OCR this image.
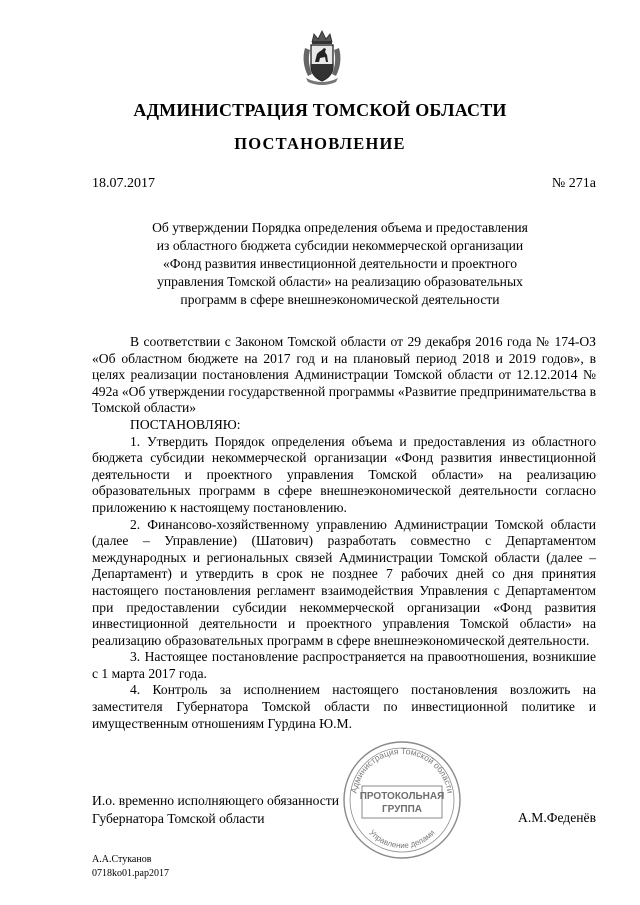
АДМИНИСТРАЦИЯ ТОМСКОЙ ОБЛАСТИ
ПОСТАНОВЛЕНИЕ
18.07.2017	№ 271а
Об утверждении Порядка определения объема и предоставления
из областного бюджета субсидии некоммерческой организации
«Фонд развития инвестиционной деятельности и проектного
управления Томской области» на реализацию образовательных
программ в сфере внешнеэкономической деятельности

В соответствии с Законом Томской области от 29 декабря 2016 года № 174-ОЗ «Об областном бюджете на 2017 год и на плановый период 2018 и 2019 годов», в целях реализации постановления Администрации Томской области от 12.12.2014 № 492а «Об утверждении государственной программы «Развитие предпринимательства в Томской области»

ПОСТАНОВЛЯЮ:

1. Утвердить Порядок определения объема и предоставления из областного бюджета субсидии некоммерческой организации «Фонд развития инвестиционной деятельности и проектного управления Томской области» на реализацию образовательных программ в сфере внешнеэкономической деятельности согласно приложению к настоящему постановлению.

2. Финансово-хозяйственному управлению Администрации Томской области (далее – Управление) (Шатович) разработать совместно с Департаментом международных и региональных связей Администрации Томской области (далее – Департамент) и утвердить в срок не позднее 7 рабочих дней со дня принятия настоящего постановления регламент взаимодействия Управления с Департаментом при предоставлении субсидии некоммерческой организации «Фонд развития инвестиционной деятельности и проектного управления Томской области» на реализацию образовательных программ в сфере внешнеэкономической деятельности.

3. Настоящее постановление распространяется на правоотношения, возникшие с 1 марта 2017 года.

4. Контроль за исполнением настоящего постановления возложить на заместителя Губернатора Томской области по инвестиционной политике и имущественным отношениям Гурдина Ю.М.

Администрация Томской области
Управление делами
ПРОТОКОЛЬНАЯ
ГРУППА
И.о. временно исполняющего обязанности
Губернатора Томской области	А.М.Феденёв
А.А.Стуканов
0718ko01.pap2017
